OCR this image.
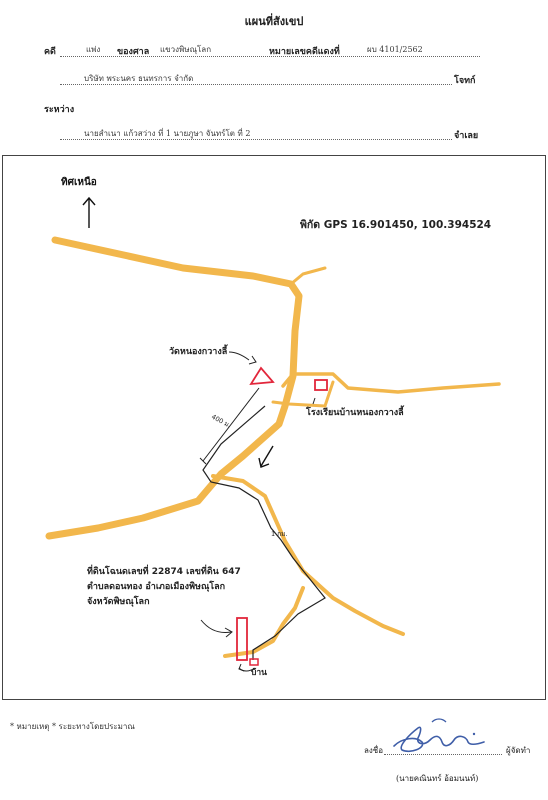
แผนที่สังเขป
คดี	แพ่ง ของศาล แขวงพิษณุโลก	หมายเลขคดีแดงที่	ผบ 4101/2562
บริษัท พระนคร ธนทรการ จำกัด	โจทก์
ระหว่าง
นายสำเนา แก้วสว่าง ที่ 1 นายภูษา จันทร์โต ที่ 2	จำเลย
ทิศเหนือ
พิกัด GPS 16.901450, 100.394524
400 ม.
1 กม.
วัดหนองกวางลี้
โรงเรียนบ้านหนองกวางลี้
ที่ดินโฉนดเลขที่ 22874 เลขที่ดิน 647
ตำบลดอนทอง อำเภอเมืองพิษณุโลก
จังหวัดพิษณุโลก
บ้าน
* หมายเหตุ * ระยะทางโดยประมาณ
ลงชื่อ	ผู้จัดทำ
(นายคณินทร์ อ้อมนนท์)
